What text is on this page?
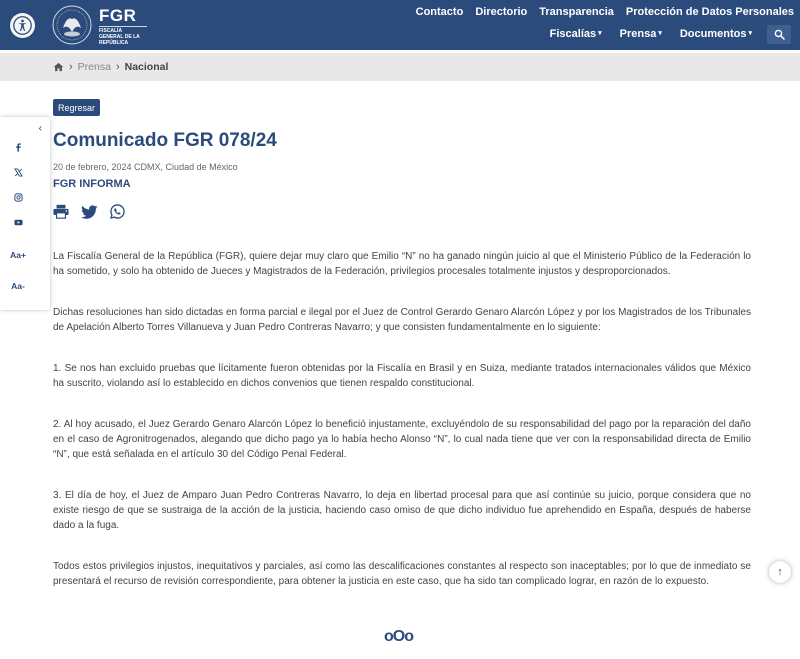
FGR
FISCALÍA GENERAL DE LA REPÚBLICA
Contacto Directorio Transparencia Protección de Datos Personales
Fiscalías ▾ Prensa ▾ Documentos ▾
› Prensa › Nacional
‹
Aa+
Aa-
Regresar
Comunicado FGR 078/24
20 de febrero, 2024 CDMX, Ciudad de México
FGR INFORMA

La Fiscalía General de la República (FGR), quiere dejar muy claro que Emilio “N” no ha ganado ningún juicio al que el Ministerio Público de la Federación lo ha sometido, y solo ha obtenido de Jueces y Magistrados de la Federación, privilegios procesales totalmente injustos y desproporcionados.

Dichas resoluciones han sido dictadas en forma parcial e ilegal por el Juez de Control Gerardo Genaro Alarcón López y por los Magistrados de los Tribunales de Apelación Alberto Torres Villanueva y Juan Pedro Contreras Navarro; y que consisten fundamentalmente en lo siguiente:

1. Se nos han excluido pruebas que lícitamente fueron obtenidas por la Fiscalía en Brasil y en Suiza, mediante tratados internacionales válidos que México ha suscrito, violando así lo establecido en dichos convenios que tienen respaldo constitucional.

2. Al hoy acusado, el Juez Gerardo Genaro Alarcón López lo benefició injustamente, excluyéndolo de su responsabilidad del pago por la reparación del daño en el caso de Agronitrogenados, alegando que dicho pago ya lo había hecho Alonso “N”, lo cual nada tiene que ver con la responsabilidad directa de Emilio “N”, que está señalada en el artículo 30 del Código Penal Federal.

3. El día de hoy, el Juez de Amparo Juan Pedro Contreras Navarro, lo deja en libertad procesal para que así continúe su juicio, porque considera que no existe riesgo de que se sustraiga de la acción de la justicia, haciendo caso omiso de que dicho individuo fue aprehendido en España, después de haberse dado a la fuga.

Todos estos privilegios injustos, inequitativos y parciales, así como las descalificaciones constantes al respecto son inaceptables; por lo que de inmediato se presentará el recurso de revisión correspondiente, para obtener la justicia en este caso, que ha sido tan complicado lograr, en razón de lo expuesto.

oOo
↑
